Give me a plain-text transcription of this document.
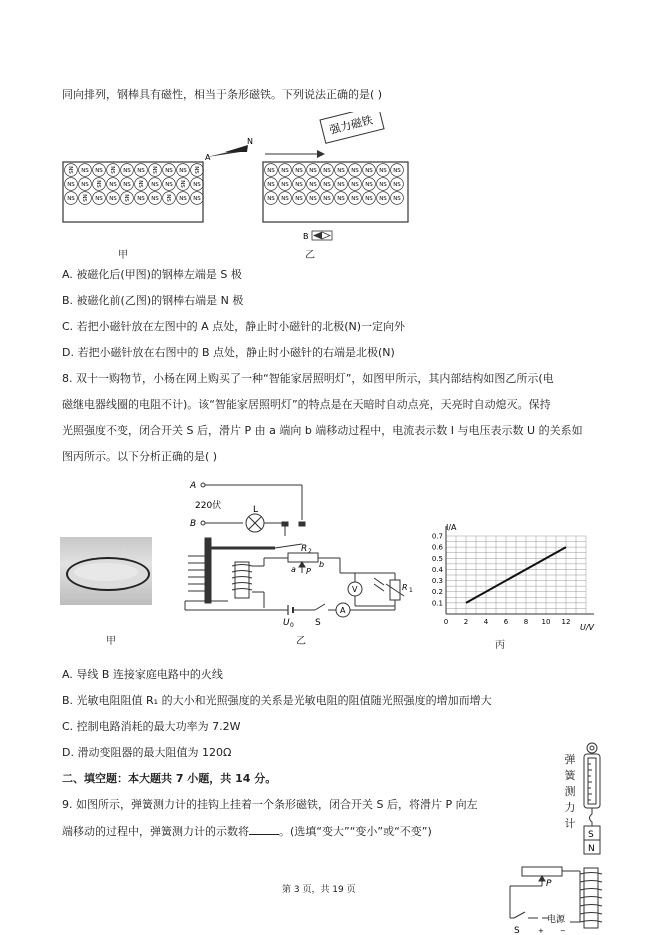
同向排列，钢棒具有磁性，相当于条形磁铁。下列说法正确的是( )
NS NS NS NS NS NS NS NS NS NS
NS NS NS NS NS NS NS NS NS NS
NS NS NS NS NS NS NS NS NS NS
A
N
强力磁铁
NS NS NS NS NS NS NS NS NS NS
NS NS NS NS NS NS NS NS NS NS
NS NS NS NS NS NS NS NS NS NS
B
甲	乙
A. 被磁化后(甲图)的钢棒左端是 S 极
B. 被磁化前(乙图)的钢棒右端是 N 极
C. 若把小磁针放在左图中的 A 点处，静止时小磁针的北极(N)一定向外
D. 若把小磁针放在右图中的 B 点处，静止时小磁针的右端是北极(N)
8. 双十一购物节，小杨在网上购买了一种“智能家居照明灯”，如图甲所示，其内部结构如图乙所示(电
磁继电器线圈的电阻不计)。该“智能家居照明灯”的特点是在天暗时自动点亮，天亮时自动熄灭。保持
光照强度不变，闭合开关 S 后，滑片 P 由 a 端向 b 端移动过程中，电流表示数 I 与电压表示数 U 的关系如
图丙所示。以下分析正确的是( )
甲
A
220伏
B
L
R 2
a
b
P
V
A
R 1
U 0 S
乙
I/A
U/V
0 2 4 6 8 10 12
0.1
0.2
0.3
0.4
0.5
0.6
0.7
丙
A. 导线 B 连接家庭电路中的火线
B. 光敏电阻阻值 R₁ 的大小和光照强度的关系是光敏电阻的阻值随光照强度的增加而增大
C. 控制电路消耗的最大功率为 7.2W
D. 滑动变阻器的最大阻值为 120Ω
二、填空题：本大题共 7 小题，共 14 分。
9. 如图所示，弹簧测力计的挂钩上挂着一个条形磁铁，闭合开关 S 后，将滑片 P 向左
端移动的过程中，弹簧测力计的示数将	。(选填“变大”“变小”或“不变”)
弹簧测力计
S
N
P
S
电源
+ −
第 3 页，共 19 页
